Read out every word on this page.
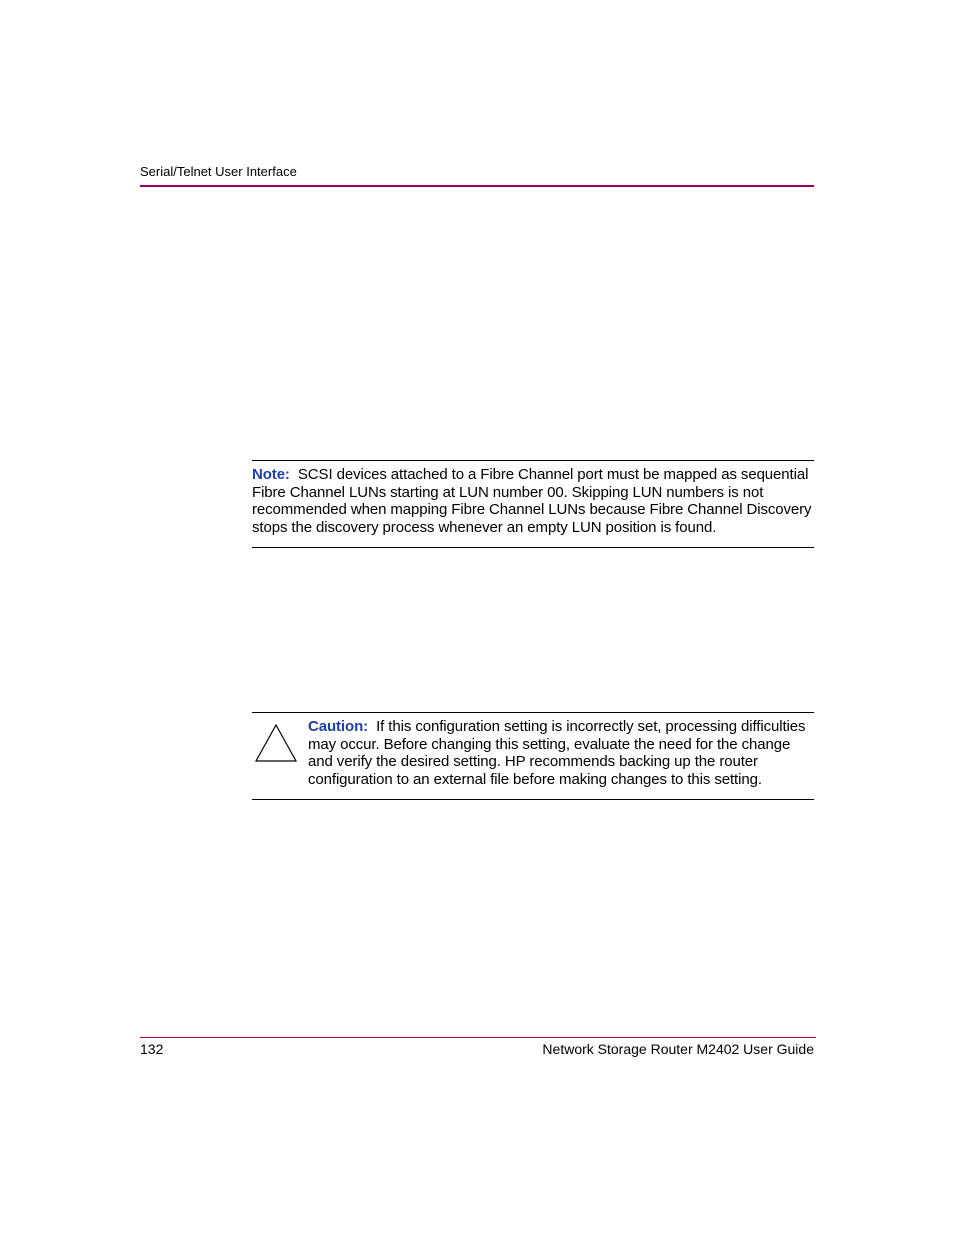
Serial/Telnet User Interface

Note: SCSI devices attached to a Fibre Channel port must be mapped as sequential Fibre Channel LUNs starting at LUN number 00. Skipping LUN numbers is not recommended when mapping Fibre Channel LUNs because Fibre Channel Discovery stops the discovery process whenever an empty LUN position is found.

Caution: If this configuration setting is incorrectly set, processing difficulties may occur. Before changing this setting, evaluate the need for the change and verify the desired setting. HP recommends backing up the router configuration to an external file before making changes to this setting.

132	Network Storage Router M2402 User Guide
